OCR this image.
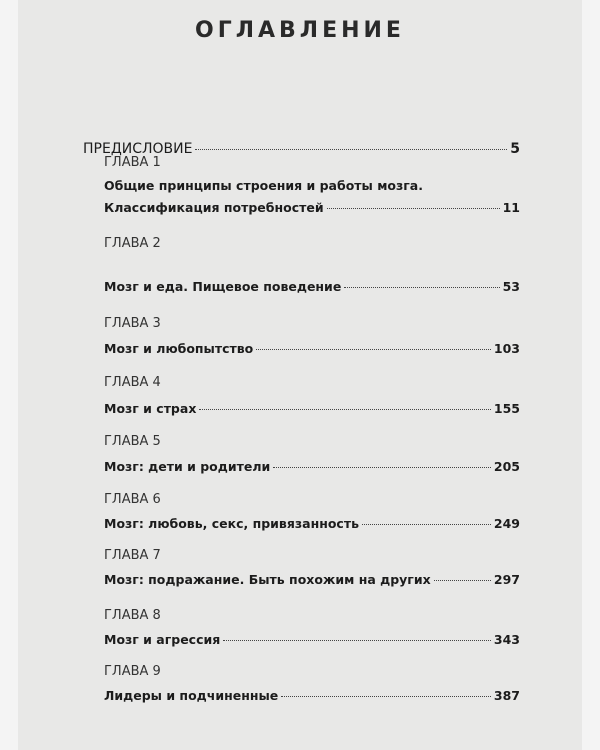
ОГЛАВЛЕНИЕ
ПРЕДИСЛОВИЕ	5
ГЛАВА 1
Общие принципы строения и работы мозга.
Классификация потребностей	11
ГЛАВА 2
Мозг и еда. Пищевое поведение	53
ГЛАВА 3
Мозг и любопытство	103
ГЛАВА 4
Мозг и страх	155
ГЛАВА 5
Мозг: дети и родители	205
ГЛАВА 6
Мозг: любовь, секс, привязанность	249
ГЛАВА 7
Мозг: подражание. Быть похожим на других	297
ГЛАВА 8
Мозг и агрессия	343
ГЛАВА 9
Лидеры и подчиненные	387
